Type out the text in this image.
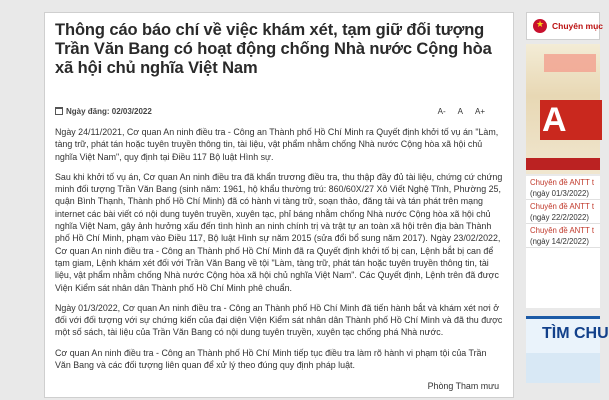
Thông cáo báo chí về việc khám xét, tạm giữ đối tượng Trần Văn Bang có hoạt động chống Nhà nước Cộng hòa xã hội chủ nghĩa Việt Nam
Ngày đăng: 02/03/2022	A- A A+

Ngày 24/11/2021, Cơ quan An ninh điều tra - Công an Thành phố Hồ Chí Minh ra Quyết định khởi tố vụ án "Làm, tàng trữ, phát tán hoặc tuyên truyền thông tin, tài liệu, vật phẩm nhằm chống Nhà nước Cộng hòa xã hội chủ nghĩa Việt Nam", quy định tại Điều 117 Bộ luật Hình sự.

Sau khi khởi tố vụ án, Cơ quan An ninh điều tra đã khẩn trương điều tra, thu thập đầy đủ tài liệu, chứng cứ chứng minh đối tượng Trần Văn Bang (sinh năm: 1961, hộ khẩu thường trú: 860/60X/27 Xô Viết Nghệ Tĩnh, Phường 25, quận Bình Thạnh, Thành phố Hồ Chí Minh) đã có hành vi tàng trữ, soạn thảo, đăng tải và tán phát trên mạng internet các bài viết có nội dung tuyên truyền, xuyên tạc, phỉ báng nhằm chống Nhà nước Cộng hòa xã hội chủ nghĩa Việt Nam, gây ảnh hưởng xấu đến tình hình an ninh chính trị và trật tự an toàn xã hội trên địa bàn Thành phố Hồ Chí Minh, phạm vào Điều 117, Bộ luật Hình sự năm 2015 (sửa đổi bổ sung năm 2017). Ngày 23/02/2022, Cơ quan An ninh điều tra - Công an Thành phố Hồ Chí Minh đã ra Quyết định khởi tố bị can, Lệnh bắt bị can để tạm giam, Lệnh khám xét đối với Trần Văn Bang về tội "Làm, tàng trữ, phát tán hoặc tuyên truyền thông tin, tài liệu, vật phẩm nhằm chống Nhà nước Cộng hòa xã hội chủ nghĩa Việt Nam". Các Quyết định, Lệnh trên đã được Viện Kiểm sát nhân dân Thành phố Hồ Chí Minh phê chuẩn.

Ngày 01/3/2022, Cơ quan An ninh điều tra - Công an Thành phố Hồ Chí Minh đã tiến hành bắt và khám xét nơi ở đối với đối tượng với sự chứng kiến của đại diện Viện Kiểm sát nhân dân Thành phố Hồ Chí Minh và đã thu được một số sách, tài liệu của Trần Văn Bang có nội dung tuyên truyền, xuyên tạc chống phá Nhà nước.

Cơ quan An ninh điều tra - Công an Thành phố Hồ Chí Minh tiếp tục điều tra làm rõ hành vi phạm tội của Trần Văn Bang và các đối tượng liên quan để xử lý theo đúng quy định pháp luật.

Phòng Tham mưu
★
Chuyên mục
A
Chuyên đề ANTT t
(ngày 01/3/2022)
Chuyên đề ANTT t
(ngày 22/2/2022)
Chuyên đề ANTT t
(ngày 14/2/2022)
TÌM CHU
